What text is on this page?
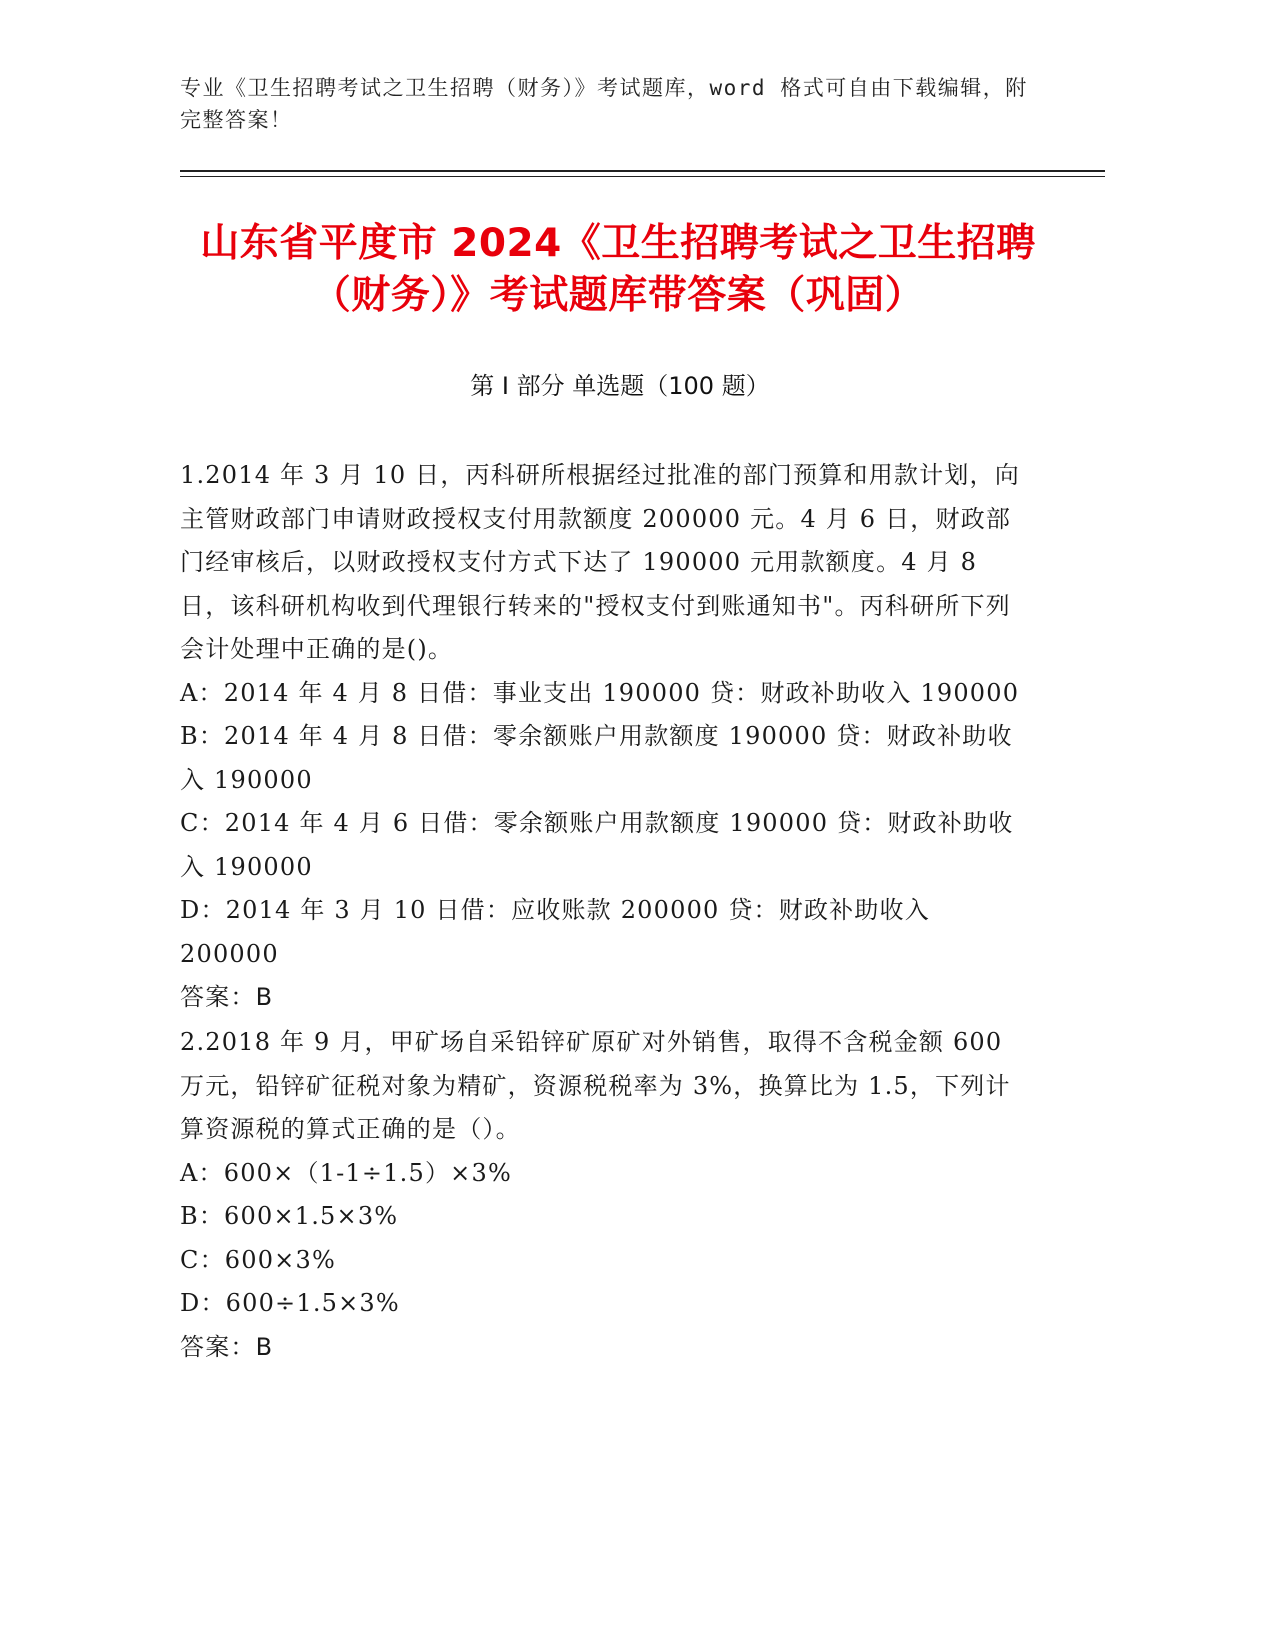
专业《卫生招聘考试之卫生招聘（财务）》考试题库，word 格式可自由下载编辑，附完整答案！
山东省平度市 2024《卫生招聘考试之卫生招聘（财务）》考试题库带答案（巩固）
第 I 部分 单选题（100 题）

1.2014 年 3 月 10 日，丙科研所根据经过批准的部门预算和用款计划，向主管财政部门申请财政授权支付用款额度 200000 元。4 月 6 日，财政部门经审核后，以财政授权支付方式下达了 190000 元用款额度。4 月 8 日，该科研机构收到代理银行转来的"授权支付到账通知书"。丙科研所下列会计处理中正确的是()。

A：2014 年 4 月 8 日借：事业支出 190000 贷：财政补助收入 190000

B：2014 年 4 月 8 日借：零余额账户用款额度 190000 贷：财政补助收入 190000

C：2014 年 4 月 6 日借：零余额账户用款额度 190000 贷：财政补助收入 190000

D：2014 年 3 月 10 日借：应收账款 200000 贷：财政补助收入 200000

答案：B

2.2018 年 9 月，甲矿场自采铅锌矿原矿对外销售，取得不含税金额 600 万元，铅锌矿征税对象为精矿，资源税税率为 3%，换算比为 1.5，下列计算资源税的算式正确的是（）。

A：600×（1-1÷1.5）×3%

B：600×1.5×3%

C：600×3%

D：600÷1.5×3%

答案：B
